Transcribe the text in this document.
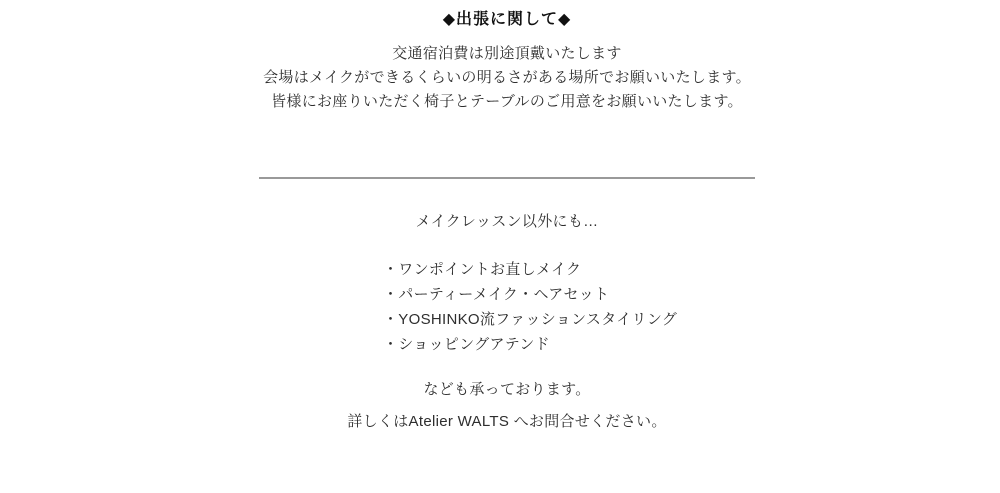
◆出張に関して◆
交通宿泊費は別途頂戴いたします
会場はメイクができるくらいの明るさがある場所でお願いいたします。
皆様にお座りいただく椅子とテーブルのご用意をお願いいたします。
メイクレッスン以外にも…
・ワンポイントお直しメイク
・パーティーメイク・ヘアセット
・YOSHINKO流ファッションスタイリング
・ショッピングアテンド
なども承っております。
詳しくはAtelier WALTS へお問合せください。
